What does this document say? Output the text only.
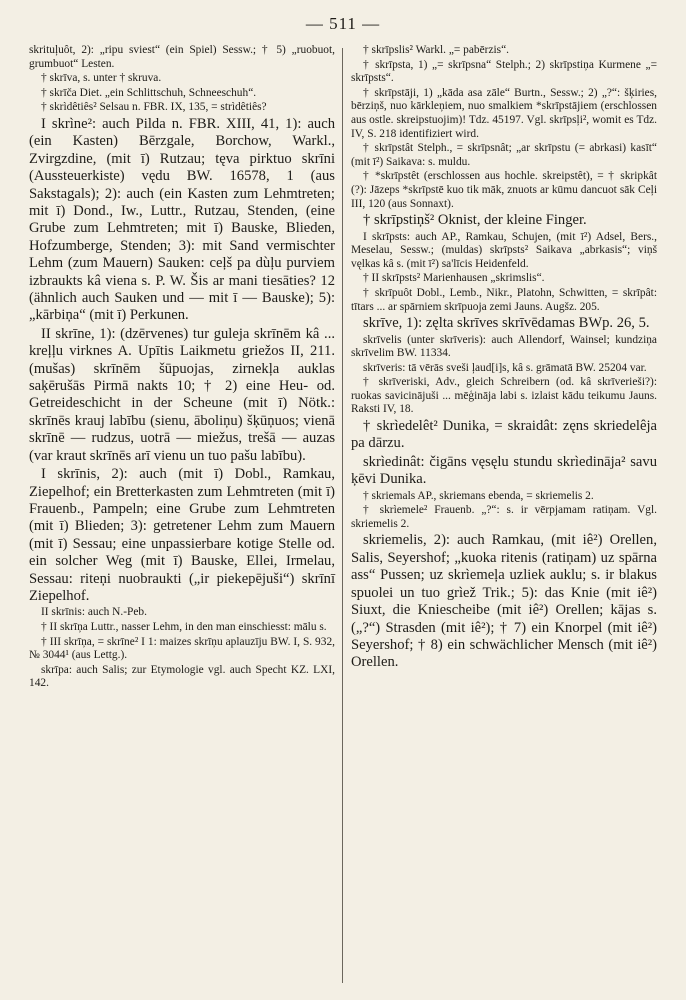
— 511 —

skrituļuôt, 2): „ripu sviest“ (ein Spiel) Sessw.; † 5) „ruobuot, grumbuot“ Lesten.

† skrīva, s. unter † skruva.

† skrīča Diet. „ein Schlittschuh, Schneeschuh“.

† skrìdêtiês² Selsau n. FBR. IX, 135, = strìdêtiês?

I skrìne²: auch Pilda n. FBR. XIII, 41, 1): auch (ein Kasten) Bērzgale, Borchow, Warkl., Zvirgzdine, (mit ī) Rutzau; tęva pirktuo skrīni (Aussteuerkiste) vędu BW. 16578, 1 (aus Sakstagals); 2): auch (ein Kasten zum Lehmtreten; mit ī) Dond., Iw., Luttr., Rutzau, Stenden, (eine Grube zum Lehmtreten; mit ī) Bauske, Blieden, Hofzumberge, Stenden; 3): mit Sand vermischter Lehm (zum Mauern) Sauken: ceļš pa dùļu purviem izbraukts kâ viena s. P. W. Šis ar mani tiesāties? 12 (ähnlich auch Sauken und — mit ī — Bauske); 5): „kārbiņa“ (mit ī) Perkunen.

II skrīne, 1): (dzērvenes) tur guleja skrīnēm kâ ... kreļļu virknes A. Upītis Laikmetu griežos II, 211. (mušas) skrīnēm šūpuojas, zirnekļa auklas saķērušās Pirmā nakts 10; † 2) eine Heu- od. Getreideschicht in der Scheune (mit ī) Nötk.: skrīnēs krauj labību (sienu, āboliņu) šķūņuos; vienā skrīnē — rudzus, uotrā — miežus, trešā — auzas (var kraut skrīnēs arī vienu un tuo pašu labību).

I skrīnis, 2): auch (mit ī) Dobl., Ramkau, Ziepelhof; ein Bretterkasten zum Lehmtreten (mit ī) Frauenb., Pampeln; eine Grube zum Lehmtreten (mit ī) Blieden; 3): getretener Lehm zum Mauern (mit ī) Sessau; eine unpassierbare kotige Stelle od. ein solcher Weg (mit ī) Bauske, Ellei, Irmelau, Sessau: riteņi nuobraukti („ir piekepējuši“) skrīnī Ziepelhof.

II skrīnis: auch N.-Peb.

† II skrīņa Luttr., nasser Lehm, in den man einschiesst: mālu s.

† III skrīņa, = skrīne² I 1: maizes skrīņu aplauzīju BW. I, S. 932, № 3044¹ (aus Lettg.).

skrīpa: auch Salis; zur Etymologie vgl. auch Specht KZ. LXI, 142.

† skrīpslis² Warkl. „= pabērzis“.

† skrīpsta, 1) „= skrīpsna“ Stelph.; 2) skrīpstiņa Kurmene „= skrīpsts“.

† skrīpstāji, 1) „kāda asa zāle“ Burtn., Sessw.; 2) „?“: šķiries, bērziņš, nuo kārkleņiem, nuo smalkiem *skrīpstājiem (erschlossen aus ostle. skreipstuojim)! Tdz. 45197. Vgl. skrīpsļi², womit es Tdz. IV, S. 218 identifiziert wird.

† skrīpstât Stelph., = skrīpsnât; „ar skrīpstu (= abrkasi) kasīt“ (mit ī²) Saikava: s. muldu.

† *skrīpstêt (erschlossen aus hochle. skreipstêt), = † skripkât (?): Jāzeps *skrīpstē kuo tik māk, znuots ar kūmu dancuot sāk Ceļi III, 120 (aus Sonnaxt).

† skrīpstiņš² Oknist, der kleine Finger.

I skrīpsts: auch AP., Ramkau, Schujen, (mit ī²) Adsel, Bers., Meselau, Sessw.; (muldas) skrīpsts² Saikava „abrkasis“; viņš vęlkas kâ s. (mit ī²) sa'līcis Heidenfeld.

† II skrīpsts² Marienhausen „skrimslis“.

† skrīpuôt Dobl., Lemb., Nikr., Platohn, Schwitten, = skrīpât: tītars ... ar spārniem skrīpuoja zemi Jauns. Augšz. 205.

skrīve, 1): zęlta skrīves skrīvēdamas BWp. 26, 5.

skrīvelis (unter skrīveris): auch Allendorf, Wainsel; kundziņa skrīvelim BW. 11334.

skrīveris: tā vērās sveši ļaud[i]s, kâ s. grāmatā BW. 25204 var.

† skrīveriski, Adv., gleich Schreibern (od. kâ skrīverieši?): ruokas savicinājuši ... mēģināja labi s. izlaist kādu teikumu Jauns. Raksti IV, 18.

† skrìedelêt² Dunika, = skraidât: zęns skriedelêja pa dārzu.

skrìedinât: čigāns vęsęlu stundu skrìedināja² savu ķēvi Dunika.

† skriemals AP., skriemans ebenda, = skriemelis 2.

† skrìemele² Frauenb. „?“: s. ir vērpjamam ratiņam. Vgl. skriemelis 2.

skriemelis, 2): auch Ramkau, (mit iê²) Orellen, Salis, Seyershof; „kuoka ritenis (ratiņam) uz spārna ass“ Pussen; uz skrìemeļa uzliek auklu; s. ir blakus spuolei un tuo grìež Trik.; 5): das Knie (mit iê²) Siuxt, die Kniescheibe (mit iê²) Orellen; kājas s. („?“) Strasden (mit iê²); † 7) ein Knorpel (mit iê²) Seyershof; † 8) ein schwächlicher Mensch (mit iê²) Orellen.
